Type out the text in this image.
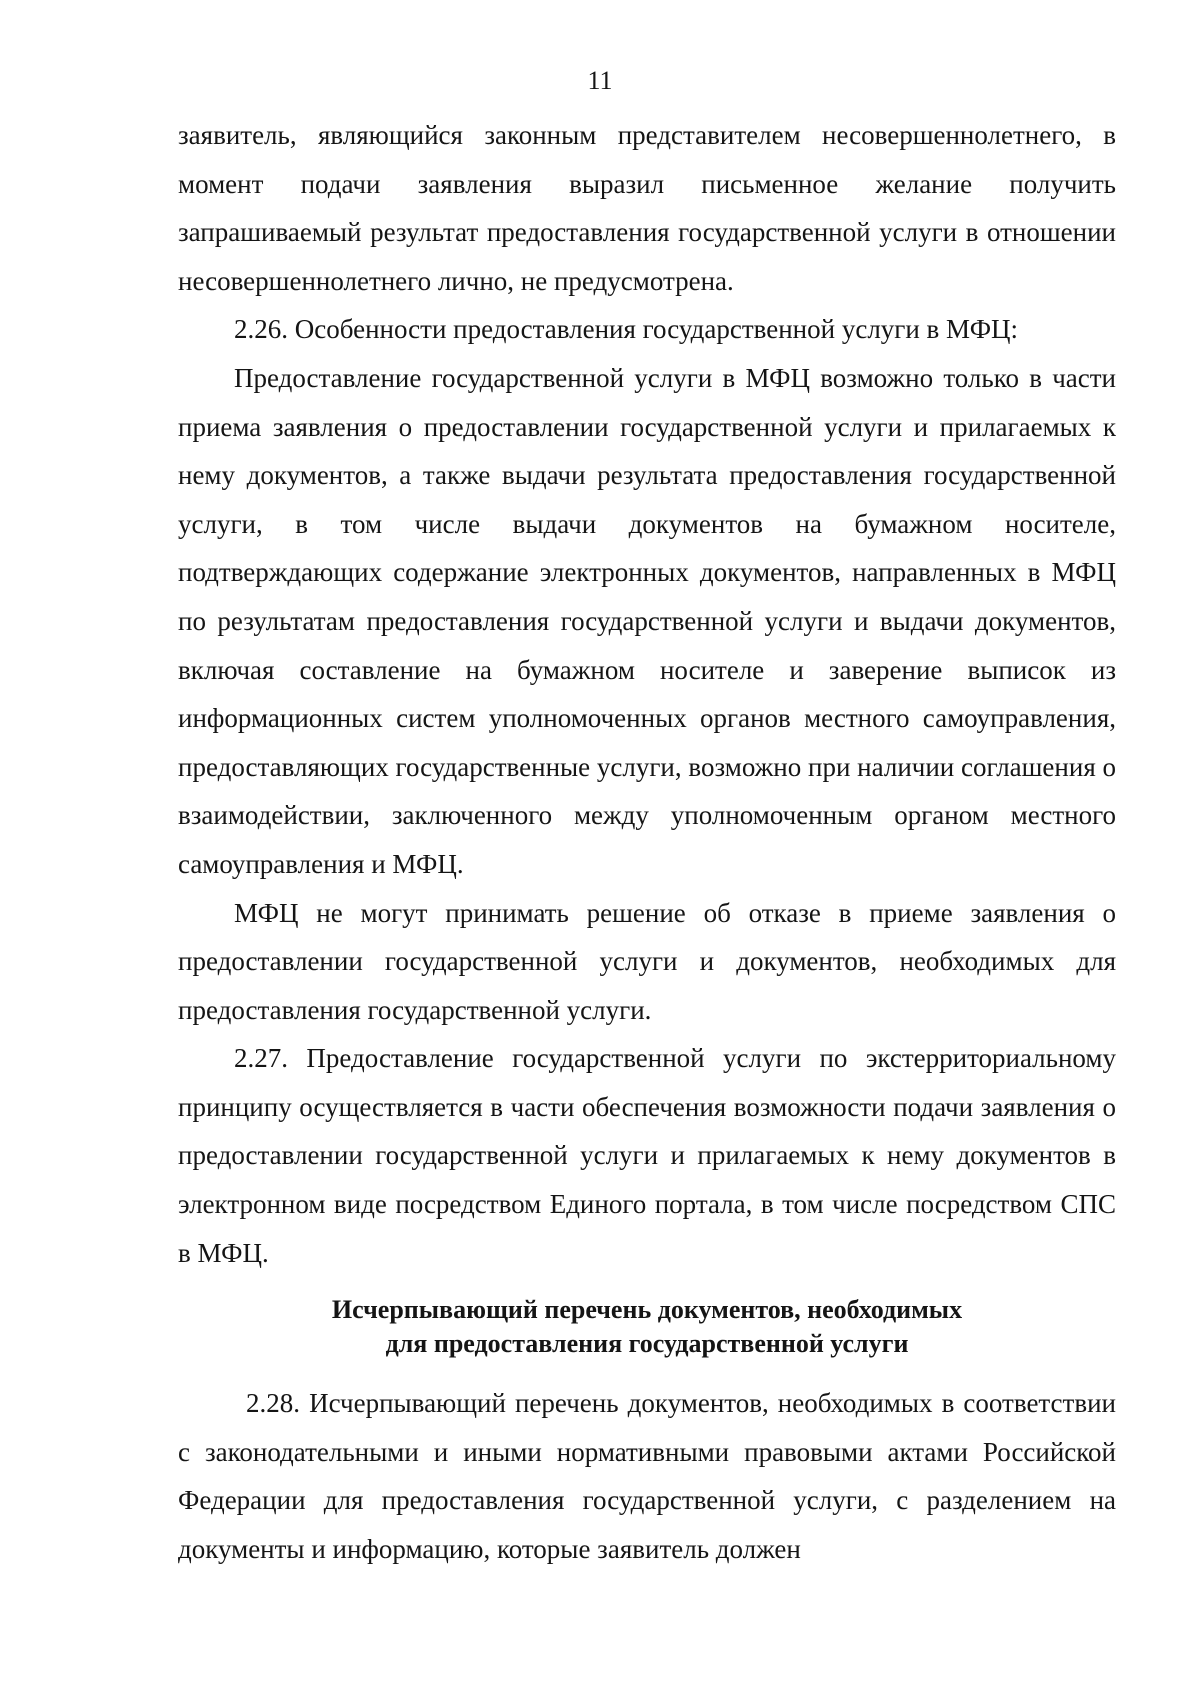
11

заявитель, являющийся законным представителем несовершеннолетнего, в момент подачи заявления выразил письменное желание получить запрашиваемый результат предоставления государственной услуги в отношении несовершеннолетнего лично, не предусмотрена.

2.26. Особенности предоставления государственной услуги в МФЦ:

Предоставление государственной услуги в МФЦ возможно только в части приема заявления о предоставлении государственной услуги и прилагаемых к нему документов, а также выдачи результата предоставления государственной услуги, в том числе выдачи документов на бумажном носителе, подтверждающих содержание электронных документов, направленных в МФЦ по результатам предоставления государственной услуги и выдачи документов, включая составление на бумажном носителе и заверение выписок из информационных систем уполномоченных органов местного самоуправления, предоставляющих государственные услуги, возможно при наличии соглашения о взаимодействии, заключенного между уполномоченным органом местного самоуправления и МФЦ.

МФЦ не могут принимать решение об отказе в приеме заявления о предоставлении государственной услуги и документов, необходимых для предоставления государственной услуги.

2.27. Предоставление государственной услуги по экстерриториальному принципу осуществляется в части обеспечения возможности подачи заявления о предоставлении государственной услуги и прилагаемых к нему документов в электронном виде посредством Единого портала, в том числе посредством СПС в МФЦ.

Исчерпывающий перечень документов, необходимых
для предоставления государственной услуги

2.28. Исчерпывающий перечень документов, необходимых в соответствии с законодательными и иными нормативными правовыми актами Российской Федерации для предоставления государственной услуги, с разделением на документы и информацию, которые заявитель должен
